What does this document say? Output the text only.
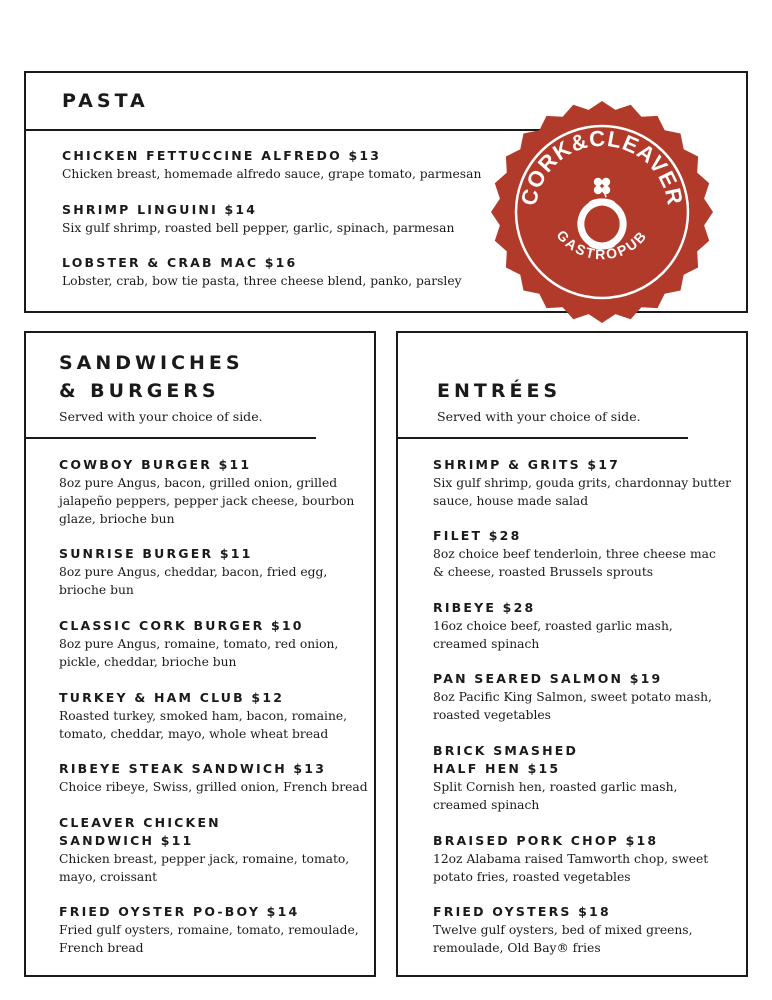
PASTA
CHICKEN FETTUCCINE ALFREDO $13
Chicken breast, homemade alfredo sauce, grape tomato, parmesan
SHRIMP LINGUINI $14
Six gulf shrimp, roasted bell pepper, garlic, spinach, parmesan
LOBSTER & CRAB MAC $16
Lobster, crab, bow tie pasta, three cheese blend, panko, parsley
SANDWICHES
& BURGERS
Served with your choice of side.
COWBOY BURGER $11
8oz pure Angus, bacon, grilled onion, grilled
jalapeño peppers, pepper jack cheese, bourbon
glaze, brioche bun
SUNRISE BURGER $11
8oz pure Angus, cheddar, bacon, fried egg,
brioche bun
CLASSIC CORK BURGER $10
8oz pure Angus, romaine, tomato, red onion,
pickle, cheddar, brioche bun
TURKEY & HAM CLUB $12
Roasted turkey, smoked ham, bacon, romaine,
tomato, cheddar, mayo, whole wheat bread
RIBEYE STEAK SANDWICH $13
Choice ribeye, Swiss, grilled onion, French bread
CLEAVER CHICKEN
SANDWICH $11
Chicken breast, pepper jack, romaine, tomato,
mayo, croissant
FRIED OYSTER PO-BOY $14
Fried gulf oysters, romaine, tomato, remoulade,
French bread
ENTRÉES
Served with your choice of side.
SHRIMP & GRITS $17
Six gulf shrimp, gouda grits, chardonnay butter
sauce, house made salad
FILET $28
8oz choice beef tenderloin, three cheese mac
& cheese, roasted Brussels sprouts
RIBEYE $28
16oz choice beef, roasted garlic mash,
creamed spinach
PAN SEARED SALMON $19
8oz Pacific King Salmon, sweet potato mash,
roasted vegetables
BRICK SMASHED
HALF HEN $15
Split Cornish hen, roasted garlic mash,
creamed spinach
BRAISED PORK CHOP $18
12oz Alabama raised Tamworth chop, sweet
potato fries, roasted vegetables
FRIED OYSTERS $18
Twelve gulf oysters, bed of mixed greens,
remoulade, Old Bay® fries
CORK&CLEAVER
GASTROPUB
